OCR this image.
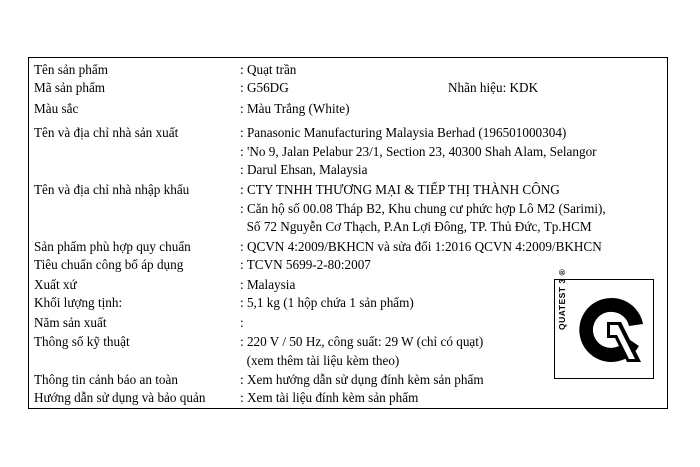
Tên sản phẩm	: Quạt trần
Mã sản phẩm	: G56DG	Nhãn hiệu: KDK
Màu sắc	: Màu Trắng (White)
Tên và địa chỉ nhà sản xuất	: Panasonic Manufacturing Malaysia Berhad (196501000304)
: 'No 9, Jalan Pelabur 23/1, Section 23, 40300 Shah Alam, Selangor
: Darul Ehsan, Malaysia
Tên và địa chỉ nhà nhập khẩu	: CTY TNHH THƯƠNG MẠI & TIẾP THỊ THÀNH CÔNG
: Căn hộ số 00.08 Tháp B2, Khu chung cư phức hợp Lô M2 (Sarimi),
Số 72 Nguyễn Cơ Thạch, P.An Lợi Đông, TP. Thủ Đức, Tp.HCM
Sản phẩm phù hợp quy chuẩn	: QCVN 4:2009/BKHCN và sửa đổi 1:2016 QCVN 4:2009/BKHCN
Tiêu chuẩn công bố áp dụng	: TCVN 5699-2-80:2007
Xuất xứ	: Malaysia
Khối lượng tịnh:	: 5,1 kg (1 hộp chứa 1 sản phẩm)
Năm sản xuất	:
Thông số kỹ thuật	: 220 V / 50 Hz, công suất: 29 W (chỉ có quạt)
(xem thêm tài liệu kèm theo)
Thông tin cảnh báo an toàn	: Xem hướng dẫn sử dụng đính kèm sản phẩm
Hướng dẫn sử dụng và bảo quản	: Xem tài liệu đính kèm sản phẩm
QUATEST 3 ®
